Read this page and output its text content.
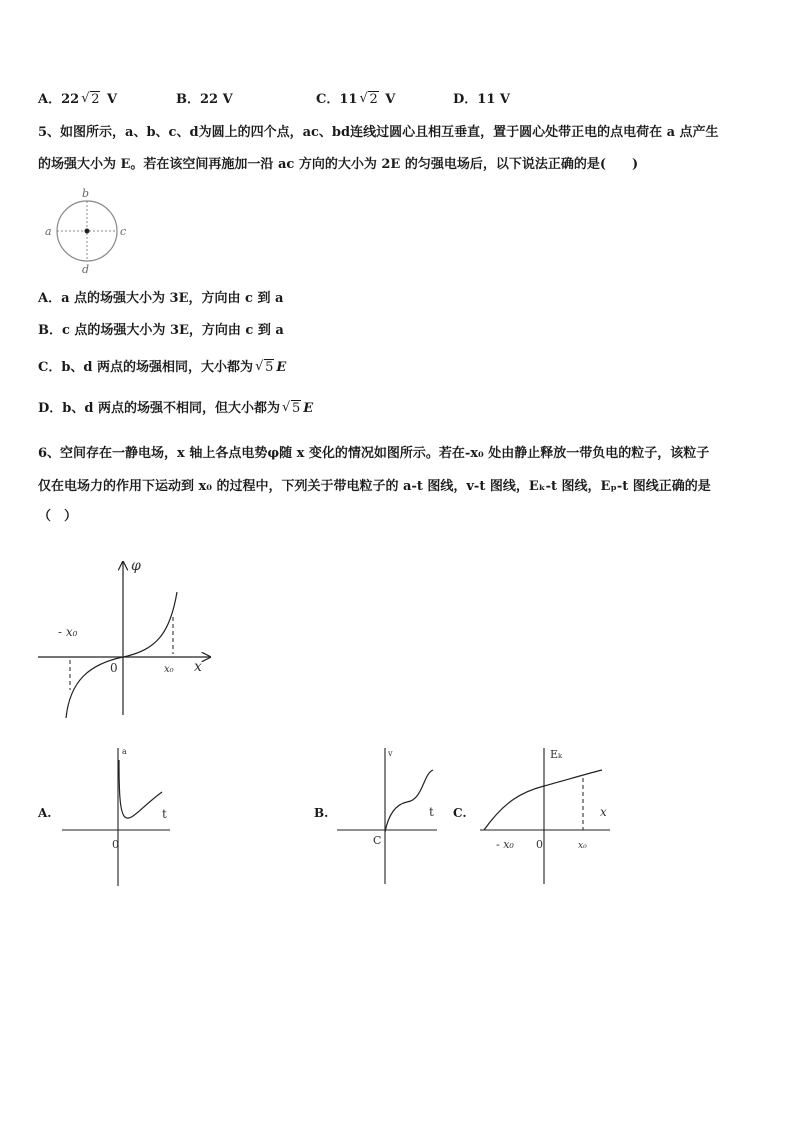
A．22 √ 2 V	B．22 V	C．11 √ 2 V	D．11 V
5、如图所示，a、b、c、d为圆上的四个点，ac、bd连线过圆心且相互垂直，置于圆心处带正电的点电荷在 a 点产生
的场强大小为 E。若在该空间再施加一沿 ac 方向的大小为 2E 的匀强电场后，以下说法正确的是(　　)
a
b
c
d
A．a 点的场强大小为 3E，方向由 c 到 a
B．c 点的场强大小为 3E，方向由 c 到 a
C．b、d 两点的场强相同，大小都为 √ 5 E
D．b、d 两点的场强不相同，但大小都为 √ 5 E
6、空间存在一静电场，x 轴上各点电势φ随 x 变化的情况如图所示。若在-x₀ 处由静止释放一带负电的粒子，该粒子
仅在电场力的作用下运动到 x₀ 的过程中，下列关于带电粒子的 a-t 图线，v-t 图线，Eₖ-t 图线，Eₚ-t 图线正确的是
（　）
φ
x
0
- x₀
x₀
A.
a
t
0
B.
v
t
C
C.
Eₖ
x
0
- x₀	x₀
